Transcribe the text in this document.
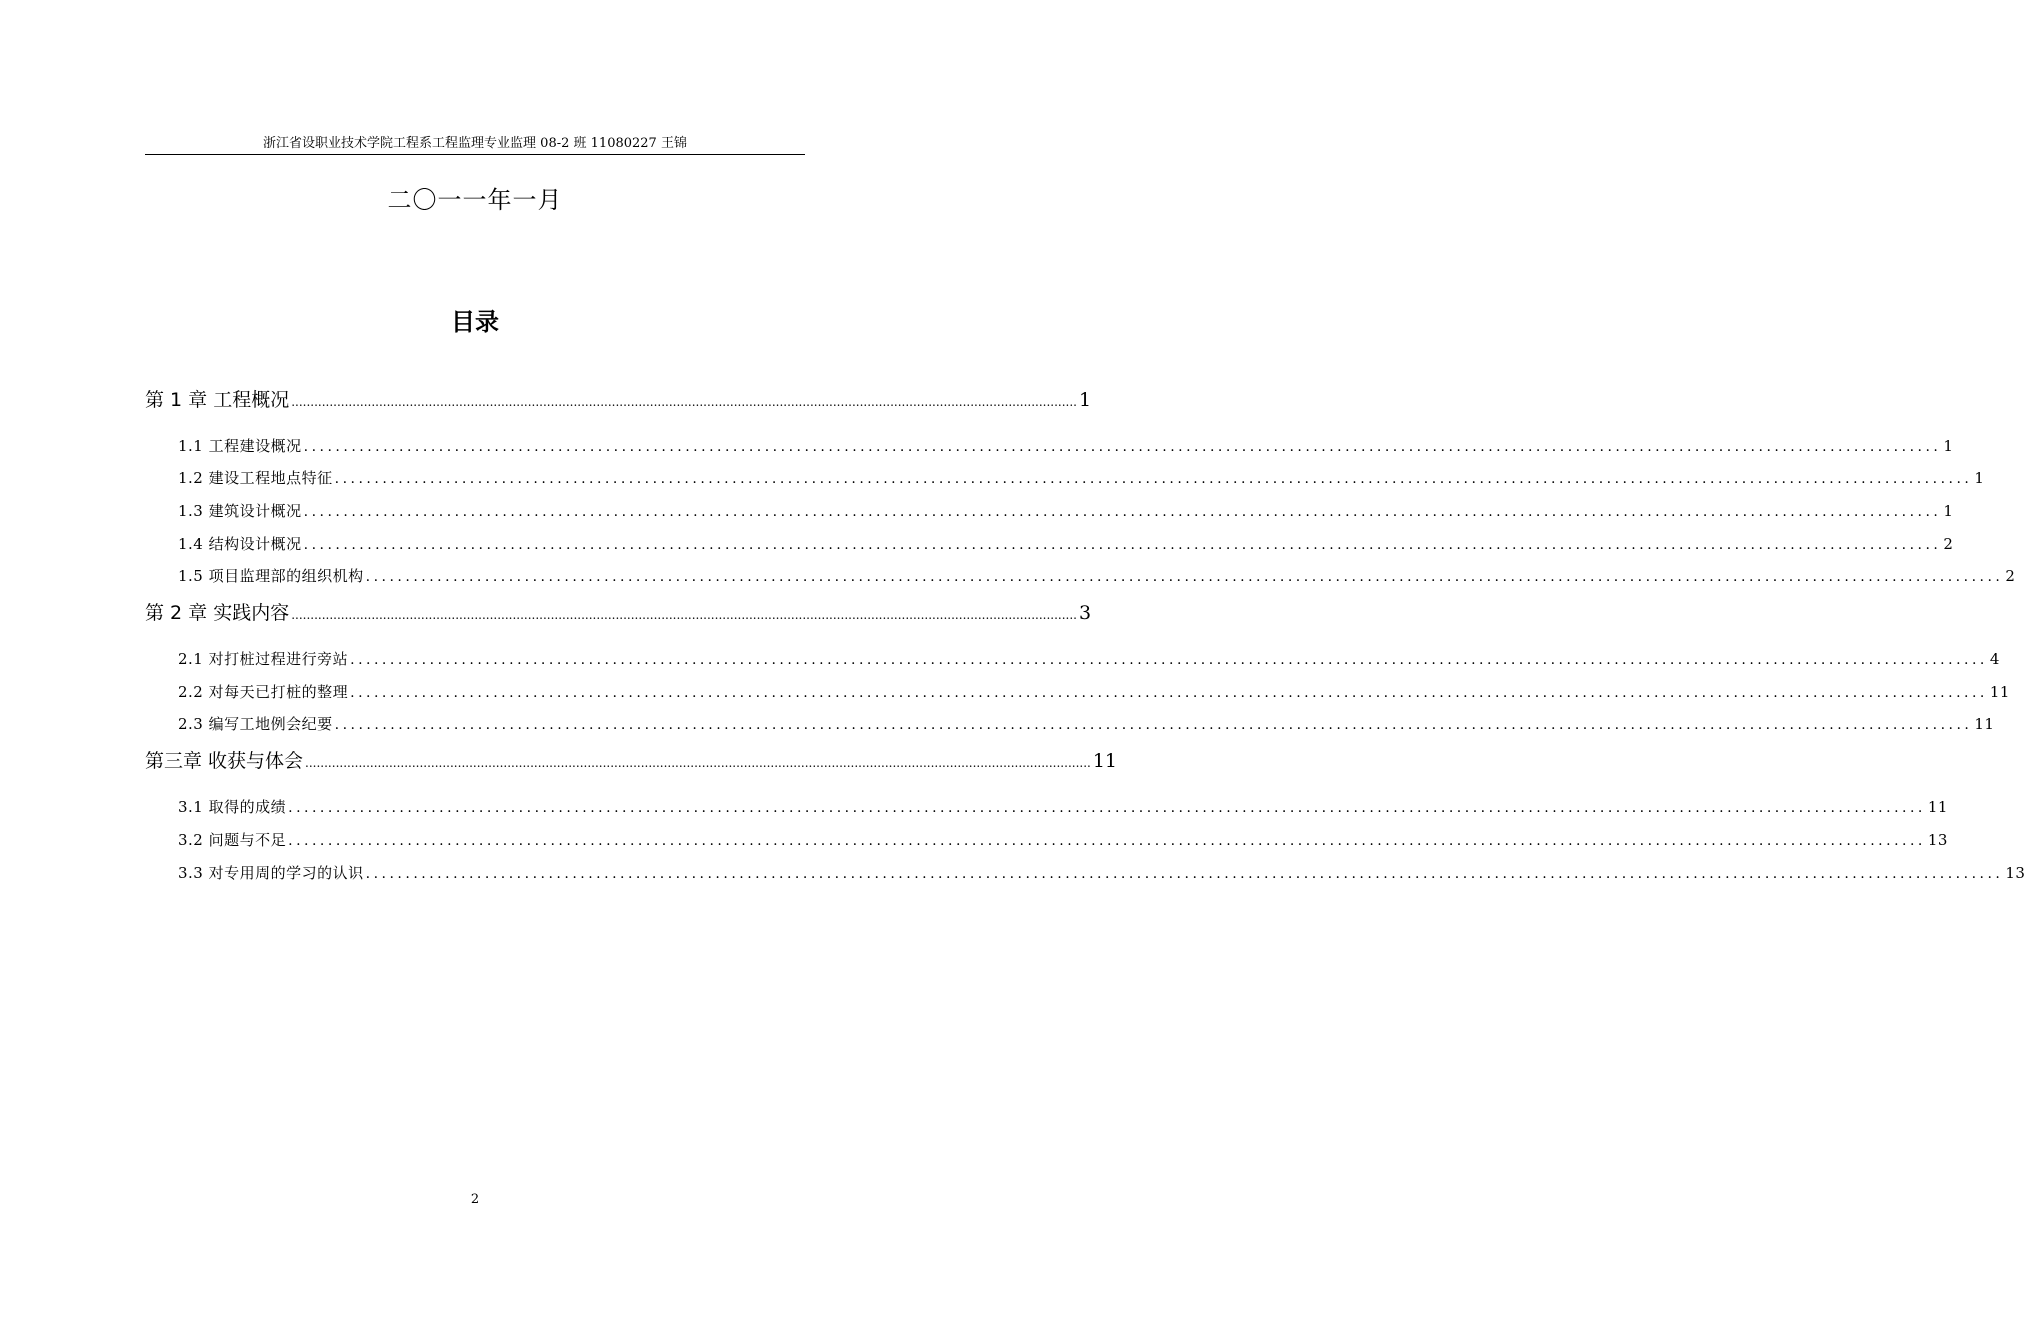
浙江省设职业技术学院工程系工程监理专业监理 08-2 班 11080227 王锦
二〇一一年一月
目录
第 1 章 工程概况 .............................................................................................................................................................................................................. 1
1.1 工程建设概况 .............................................................................................................................................................................................................. 1
1.2 建设工程地点特征 .............................................................................................................................................................................................................. 1
1.3 建筑设计概况 .............................................................................................................................................................................................................. 1
1.4 结构设计概况 .............................................................................................................................................................................................................. 2
1.5 项目监理部的组织机构 .............................................................................................................................................................................................................. 2
第 2 章 实践内容 .............................................................................................................................................................................................................. 3
2.1 对打桩过程进行旁站 .............................................................................................................................................................................................................. 4
2.2 对每天已打桩的整理 .............................................................................................................................................................................................................. 11
2.3 编写工地例会纪要 .............................................................................................................................................................................................................. 11
第三章 收获与体会 .............................................................................................................................................................................................................. 11
3.1 取得的成绩 .............................................................................................................................................................................................................. 11
3.2 问题与不足 .............................................................................................................................................................................................................. 13
3.3 对专用周的学习的认识 .............................................................................................................................................................................................................. 13
2
